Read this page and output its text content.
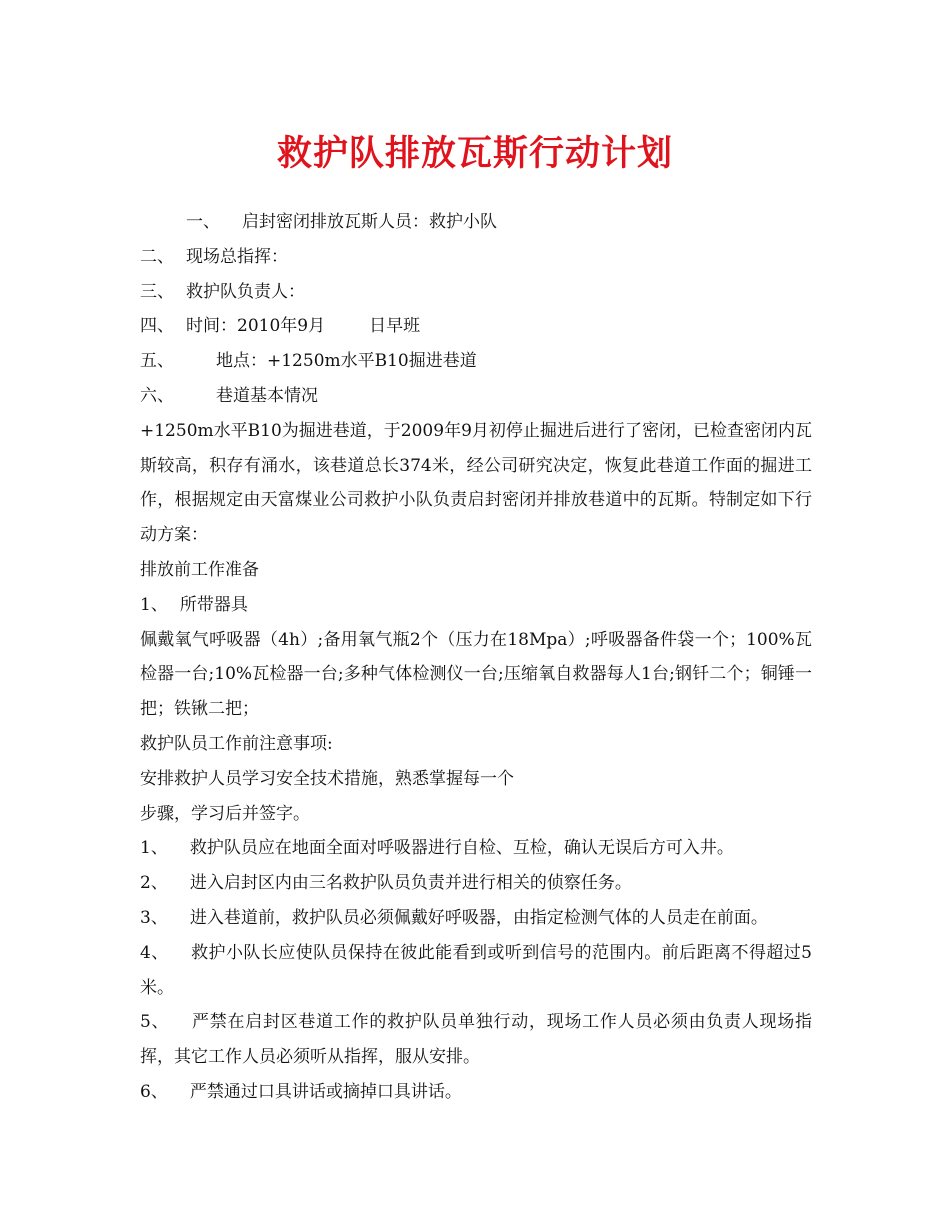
救护队排放瓦斯行动计划
一、 启封密闭排放瓦斯人员：救护小队
二、 现场总指挥：
三、 救护队负责人：
四、 时间：2010年9月	日早班
五、 地点：+1250m水平B10掘进巷道
六、 巷道基本情况
+1250m水平B10为掘进巷道，于2009年9月初停止掘进后进行了密闭，已检查密闭内瓦斯较高，积存有涌水，该巷道总长374米，经公司研究决定，恢复此巷道工作面的掘进工作，根据规定由天富煤业公司救护小队负责启封密闭并排放巷道中的瓦斯。特制定如下行动方案：
排放前工作准备
1、 所带器具
佩戴氧气呼吸器（4h）;备用氧气瓶2个（压力在18Mpa）;呼吸器备件袋一个；100%瓦检器一台;10%瓦检器一台;多种气体检测仪一台;压缩氧自救器每人1台;钢钎二个；铜锤一把；铁锹二把；
救护队员工作前注意事项:
安排救护人员学习安全技术措施，熟悉掌握每一个
步骤，学习后并签字。
1、 救护队员应在地面全面对呼吸器进行自检、互检，确认无误后方可入井。
2、 进入启封区内由三名救护队员负责并进行相关的侦察任务。
3、 进入巷道前，救护队员必须佩戴好呼吸器，由指定检测气体的人员走在前面。
4、 救护小队长应使队员保持在彼此能看到或听到信号的范围内。前后距离不得超过5米。
5、 严禁在启封区巷道工作的救护队员单独行动，现场工作人员必须由负责人现场指挥，其它工作人员必须听从指挥，服从安排。
6、 严禁通过口具讲话或摘掉口具讲话。
